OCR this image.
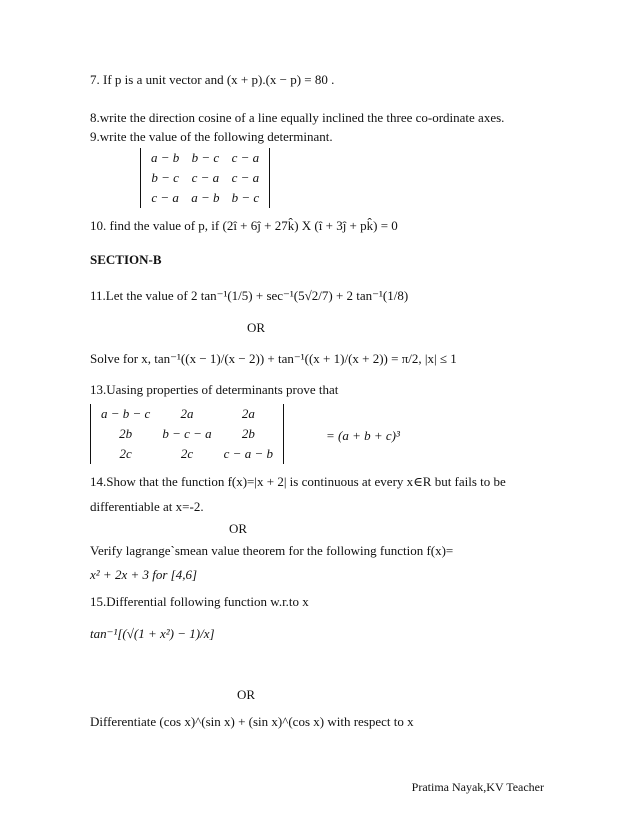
7. If p is a unit vector and (x + p).(x − p) = 80 .
8.write the direction cosine of a line equally inclined the three co-ordinate axes.
9.write the value of the following determinant.
a − b	b − c	c − a
b − c	c − a	c − a
c − a	a − b	b − c
10. find the value of p, if (2î + 6ĵ + 27k̂) X (î + 3ĵ + pk̂) = 0
SECTION-B
11.Let the value of 2 tan⁻¹(1/5) + sec⁻¹(5√2/7) + 2 tan⁻¹(1/8)
OR
Solve for x, tan⁻¹((x − 1)/(x − 2)) + tan⁻¹((x + 1)/(x + 2)) = π/2, |x| ≤ 1
13.Uasing properties of determinants prove that
a − b − c	2a	2a
2b	b − c − a	2b
2c	2c	c − a − b
= (a + b + c)³
14.Show that the function f(x)=|x + 2| is continuous at every x∈R but fails to be
differentiable at x=-2.
OR
Verify lagrange`smean value theorem for the following function f(x)=
x² + 2x + 3 for [4,6]
15.Differential following function w.r.to x
tan⁻¹[(√(1 + x²) − 1)/x]
OR
Differentiate (cos x)^(sin x) + (sin x)^(cos x) with respect to x
Pratima Nayak,KV Teacher
